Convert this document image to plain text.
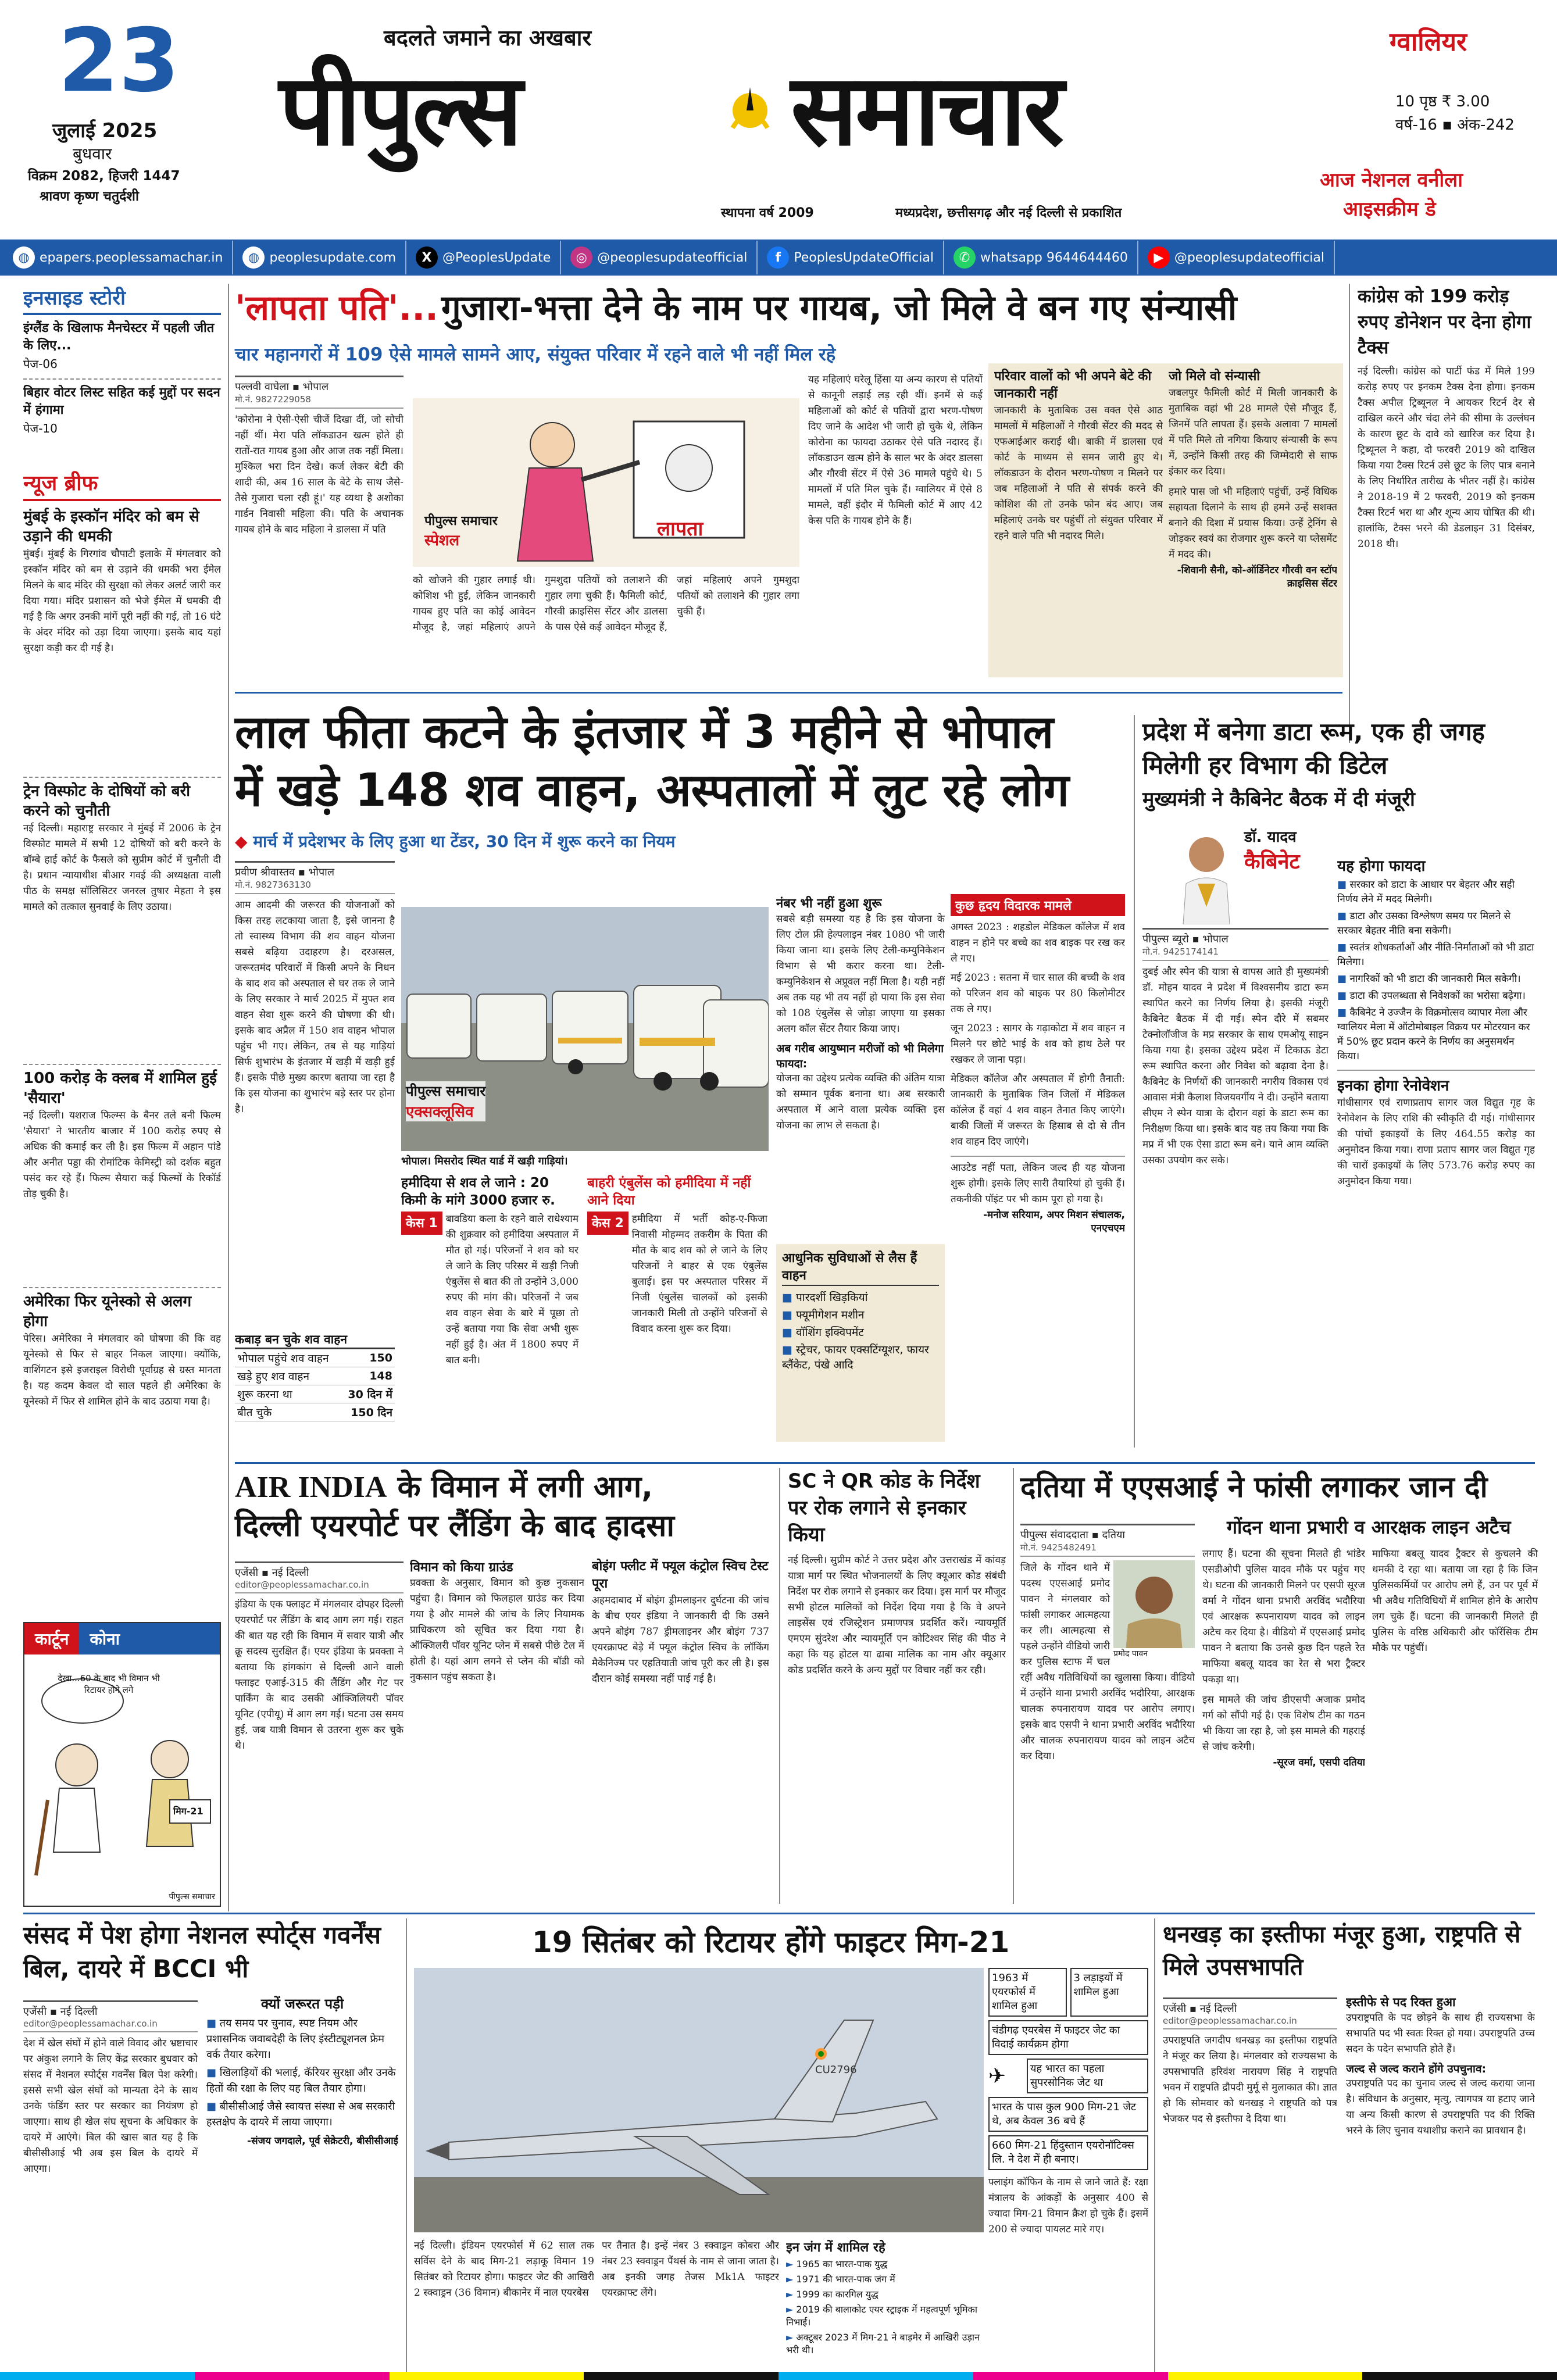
23
जुलाई 2025
बुधवार
विक्रम 2082, हिजरी 1447
श्रावण कृष्ण चतुर्दशी
बदलते जमाने का अखबार
पीपुल्स	समाचार
स्थापना वर्ष 2009	मध्यप्रदेश, छत्तीसगढ़ और नई दिल्ली से प्रकाशित
ग्वालियर
10 पृष्ठ ₹ 3.00
वर्ष-16 ▪ अंक-242
आज नेशनल वनीला
आइसक्रीम डे
◍ epapers.peoplessamachar.in	◍ peoplesupdate.com	X @PeoplesUpdate	◎ @peoplesupdateofficial	f	PeoplesUpdateOfficial	✆ whatsapp 9644644460	▶ @peoplesupdateofficial
इनसाइड स्टोरी
इंग्लैंड के खिलाफ मैनचेस्टर में पहली जीत के लिए...
पेज-06
बिहार वोटर लिस्ट सहित कई मुद्दों पर सदन में हंगामा
पेज-10
न्यूज ब्रीफ
मुंबई के इस्कॉन मंदिर को बम से उड़ाने की धमकी
मुंबई। मुंबई के गिरगांव चौपाटी इलाके में मंगलवार को इस्कॉन मंदिर को बम से उड़ाने की धमकी भरा ईमेल मिलने के बाद मंदिर की सुरक्षा को लेकर अलर्ट जारी कर दिया गया। मंदिर प्रशासन को भेजे ईमेल में धमकी दी गई है कि अगर उनकी मांगें पूरी नहीं की गई, तो 16 घंटे के अंदर मंदिर को उड़ा दिया जाएगा। इसके बाद यहां सुरक्षा कड़ी कर दी गई है।
ट्रेन विस्फोट के दोषियों को बरी करने को चुनौती
नई दिल्ली। महाराष्ट्र सरकार ने मुंबई में 2006 के ट्रेन विस्फोट मामले में सभी 12 दोषियों को बरी करने के बॉम्बे हाई कोर्ट के फैसले को सुप्रीम कोर्ट में चुनौती दी है। प्रधान न्यायाधीश बीआर गवई की अध्यक्षता वाली पीठ के समक्ष सॉलिसिटर जनरल तुषार मेहता ने इस मामले को तत्काल सुनवाई के लिए उठाया।
100 करोड़ के क्लब में शामिल हुई 'सैयारा'
नई दिल्ली। यशराज फिल्म्स के बैनर तले बनी फिल्म 'सैयारा' ने भारतीय बाजार में 100 करोड़ रुपए से अधिक की कमाई कर ली है। इस फिल्म में अहान पांडे और अनीत पड्डा की रोमांटिक केमिस्ट्री को दर्शक बहुत पसंद कर रहे हैं। फिल्म सैयारा कई फिल्मों के रिकॉर्ड तोड़ चुकी है।
अमेरिका फिर यूनेस्को से अलग होगा
पेरिस। अमेरिका ने मंगलवार को घोषणा की कि वह यूनेस्को से फिर से बाहर निकल जाएगा। क्योंकि, वाशिंगटन इसे इजराइल विरोधी पूर्वाग्रह से ग्रस्त मानता है। यह कदम केवल दो साल पहले ही अमेरिका के यूनेस्को में फिर से शामिल होने के बाद उठाया गया है।
कार्टून	कोना
देखा...60 के बाद भी विमान भी रिटायर होने लगे
मिग-21
पीपुल्स समाचार
'लापता पति'... गुजारा-भत्ता देने के नाम पर गायब, जो मिले वे बन गए संन्यासी
चार महानगरों में 109 ऐसे मामले सामने आए, संयुक्त परिवार में रहने वाले भी नहीं मिल रहे
पल्लवी वाघेला ▪ भोपाल
मो.नं. 9827229058
'कोरोना ने ऐसी-ऐसी चीजें दिखा दीं, जो सोची नहीं थीं। मेरा पति लॉकडाउन खत्म होते ही रातों-रात गायब हुआ और आज तक नहीं मिला। मुश्किल भरा दिन देखे। कर्ज लेकर बेटी की शादी की, अब 16 साल के बेटे के साथ जैसे-तैसे गुजारा चला रही हूं।' यह व्यथा है अशोका गार्डन निवासी महिला की। पति के अचानक गायब होने के बाद महिला ने डालसा में पति	लापता
पीपुल्स समाचार
स्पेशल
को खोजने की गुहार लगाई थी। कोशिश भी हुई, लेकिन जानकारी गायब हुए पति का कोई आवेदन मौजूद है, जहां महिलाएं अपने गुमशुदा पतियों को तलाशने की गुहार लगा चुकी हैं। फैमिली कोर्ट, गौरवी क्राइसिस सेंटर और डालसा के पास ऐसे कई आवेदन मौजूद हैं, जहां महिलाएं अपने गुमशुदा पतियों को तलाशने की गुहार लगा चुकी हैं।
यह महिलाएं घरेलू हिंसा या अन्य कारण से पतियों से कानूनी लड़ाई लड़ रही थीं। इनमें से कई महिलाओं को कोर्ट से पतियों द्वारा भरण-पोषण दिए जाने के आदेश भी जारी हो चुके थे, लेकिन कोरोना का फायदा उठाकर ऐसे पति नदारद हैं। लॉकडाउन खत्म होने के साल भर के अंदर डालसा और गौरवी सेंटर में ऐसे 36 मामले पहुंचे थे। 5 मामलों में पति मिल चुके हैं। ग्वालियर में ऐसे 8 मामले, वहीं इंदौर में फैमिली कोर्ट में आए 42 केस पति के गायब होने के हैं।
परिवार वालों को भी अपने बेटे की जानकारी नहीं
जानकारी के मुताबिक उस वक्त ऐसे आठ मामलों में महिलाओं ने गौरवी सेंटर की मदद से एफआईआर कराई थी। बाकी में डालसा एवं कोर्ट के माध्यम से समन जारी हुए थे। लॉकडाउन के दौरान भरण-पोषण न मिलने पर जब महिलाओं ने पति से संपर्क करने की कोशिश की तो उनके फोन बंद आए। जब महिलाएं उनके घर पहुंचीं तो संयुक्त परिवार में रहने वाले पति भी नदारद मिले।
जो मिले वो संन्यासी
जबलपुर फैमिली कोर्ट में मिली जानकारी के मुताबिक वहां भी 28 मामले ऐसे मौजूद हैं, जिनमें पति लापता हैं। इसके अलावा 7 मामलों में पति मिले तो नगिया कियाए संन्यासी के रूप में, उन्होंने किसी तरह की जिम्मेदारी से साफ इंकार कर दिया।
हमारे पास जो भी महिलाएं पहुंचीं, उन्हें विधिक सहायता दिलाने के साथ ही हमने उन्हें सशक्त बनाने की दिशा में प्रयास किया। उन्हें ट्रेनिंग से जोड़कर स्वयं का रोजगार शुरू करने या प्लेसमेंट में मदद की।
-शिवानी सैनी, को-ऑर्डिनेटर गौरवी वन स्टॉप क्राइसिस सेंटर
कांग्रेस को 199 करोड़ रुपए डोनेशन पर देना होगा टैक्स
नई दिल्ली। कांग्रेस को पार्टी फंड में मिले 199 करोड़ रुपए पर इनकम टैक्स देना होगा। इनकम टैक्स अपील ट्रिब्यूनल ने आयकर रिटर्न देर से दाखिल करने और चंदा लेने की सीमा के उल्लंघन के कारण छूट के दावे को खारिज कर दिया है। ट्रिब्यूनल ने कहा, दो फरवरी 2019 को दाखिल किया गया टैक्स रिटर्न उसे छूट के लिए पात्र बनाने के लिए निर्धारित तारीख के भीतर नहीं है। कांग्रेस ने 2018-19 में 2 फरवरी, 2019 को इनकम टैक्स रिटर्न भरा था और शून्य आय घोषित की थी। हालांकि, टैक्स भरने की डेडलाइन 31 दिसंबर, 2018 थी।
लाल फीता कटने के इंतजार में 3 महीने से भोपाल
में खड़े 148 शव वाहन, अस्पतालों में लुट रहे लोग
◆ मार्च में प्रदेशभर के लिए हुआ था टेंडर, 30 दिन में शुरू करने का नियम
प्रवीण श्रीवास्तव ▪ भोपाल
मो.नं. 9827363130
आम आदमी की जरूरत की योजनाओं को किस तरह लटकाया जाता है, इसे जानना है तो स्वास्थ्य विभाग की शव वाहन योजना सबसे बढ़िया उदाहरण है। दरअसल, जरूरतमंद परिवारों में किसी अपने के निधन के बाद शव को अस्पताल से घर तक ले जाने के लिए सरकार ने मार्च 2025 में मुफ्त शव वाहन सेवा शुरू करने की घोषणा की थी। इसके बाद अप्रैल में 150 शव वाहन भोपाल पहुंच भी गए। लेकिन, तब से यह गाड़ियां सिर्फ शुभारंभ के इंतजार में खड़ी में खड़ी हुई हैं। इसके पीछे मुख्य कारण बताया जा रहा है कि इस योजना का शुभारंभ बड़े स्तर पर होना है।
पीपुल्स समाचार
एक्सक्लूसिव
भोपाल। मिसरोद स्थित यार्ड में खड़ी गाड़ियां।
कबाड़ बन चुके शव वाहन
भोपाल पहुंचे शव वाहन	150
खड़े हुए शव वाहन	148
शुरू करना था	30 दिन में
बीत चुके	150 दिन
हमीदिया से शव ले जाने : 20 किमी के मांगे 3000 हजार रु.
केस 1 बावडिया कला के रहने वाले राधेश्याम की शुक्रवार को हमीदिया अस्पताल में मौत हो गई। परिजनों ने शव को घर ले जाने के लिए परिसर में खड़ी निजी एंबुलेंस से बात की तो उन्होंने 3,000 रुपए की मांग की। परिजनों ने जब शव वाहन सेवा के बारे में पूछा तो उन्हें बताया गया कि सेवा अभी शुरू नहीं हुई है। अंत में 1800 रुपए में बात बनी।
बाहरी एंबुलेंस को हमीदिया में नहीं आने दिया
केस 2 हमीदिया में भर्ती कोह-ए-फिजा निवासी मोहम्मद तकरीम के पिता की मौत के बाद शव को ले जाने के लिए परिजनों ने बाहर से एक एंबुलेंस बुलाई। इस पर अस्पताल परिसर में निजी एंबुलेंस चालकों को इसकी जानकारी मिली तो उन्होंने परिजनों से विवाद करना शुरू कर दिया।
नंबर भी नहीं हुआ शुरू
सबसे बड़ी समस्या यह है कि इस योजना के लिए टोल फ्री हेल्पलाइन नंबर 1080 भी जारी किया जाना था। इसके लिए टेली-कम्युनिकेशन विभाग से भी करार करना था। टेली-कम्युनिकेशन से अप्रूवल नहीं मिला है। यही नहीं अब तक यह भी तय नहीं हो पाया कि इस सेवा को 108 एंबुलेंस से जोड़ा जाएगा या इसका अलग कॉल सेंटर तैयार किया जाए।
अब गरीब आयुष्मान मरीजों को भी मिलेगा फायदा:
योजना का उद्देश्य प्रत्येक व्यक्ति की अंतिम यात्रा को सम्मान पूर्वक बनाना था। अब सरकारी अस्पताल में आने वाला प्रत्येक व्यक्ति इस योजना का लाभ ले सकता है।
आधुनिक सुविधाओं से लैस हैं वाहन
■ पारदर्शी खिड़कियां
■ फ्यूमीगेशन मशीन
■ वॉशिंग इक्विपमेंट
■ स्ट्रेचर, फायर एक्सटिंग्यूशर, फायर ब्लैंकेट, पंखे आदि
कुछ हृदय विदारक मामले
अगस्त 2023 : शहडोल मेडिकल कॉलेज में शव वाहन न होने पर बच्चे का शव बाइक पर रख कर ले गए।
मई 2023 : सतना में चार साल की बच्ची के शव को परिजन शव को बाइक पर 80 किलोमीटर तक ले गए।
जून 2023 : सागर के गढ़ाकोटा में शव वाहन न मिलने पर छोटे भाई के शव को हाथ ठेले पर रखकर ले जाना पड़ा।
मेडिकल कॉलेज और अस्पताल में होगी तैनाती: जानकारी के मुताबिक जिन जिलों में मेडिकल कॉलेज हैं वहां 4 शव वाहन तैनात किए जाएंगे। बाकी जिलों में जरूरत के हिसाब से दो से तीन शव वाहन दिए जाएंगे।
आउटेड नहीं पता, लेकिन जल्द ही यह योजना शुरू होगी। इसके लिए सारी तैयारियां हो चुकी हैं। तकनीकी पॉइंट पर भी काम पूरा हो गया है।
-मनोज सरियाम, अपर मिशन संचालक, एनएचएम
प्रदेश में बनेगा डाटा रूम, एक ही जगह मिलेगी हर विभाग की डिटेल
मुख्यमंत्री ने कैबिनेट बैठक में दी मंजूरी
डॉ. यादव
कैबिनेट
पीपुल्स ब्यूरो ▪ भोपाल
मो.नं. 9425174141
दुबई और स्पेन की यात्रा से वापस आते ही मुख्यमंत्री डॉ. मोहन यादव ने प्रदेश में विश्वसनीय डाटा रूम स्थापित करने का निर्णय लिया है। इसकी मंजूरी कैबिनेट बैठक में दी गई। स्पेन दौरे में सबमर टेक्नोलॉजीज के मप्र सरकार के साथ एमओयू साइन किया गया है। इसका उद्देश्य प्रदेश में टिकाऊ डेटा रूम स्थापित करना और निवेश को बढ़ावा देना है। कैबिनेट के निर्णयों की जानकारी नगरीय विकास एवं आवास मंत्री कैलाश विजयवर्गीय ने दी। उन्होंने बताया सीएम ने स्पेन यात्रा के दौरान वहां के डाटा रूम का निरीक्षण किया था। इसके बाद यह तय किया गया कि मप्र में भी एक ऐसा डाटा रूम बने। याने आम व्यक्ति उसका उपयोग कर सके।
यह होगा फायदा
■ सरकार को डाटा के आधार पर बेहतर और सही निर्णय लेने में मदद मिलेगी।
■ डाटा और उसका विश्लेषण समय पर मिलने से सरकार बेहतर नीति बना सकेगी।
■ स्वतंत्र शोधकर्ताओं और नीति-निर्माताओं को भी डाटा मिलेगा।
■ नागरिकों को भी डाटा की जानकारी मिल सकेगी।
■ डाटा की उपलब्धता से निवेशकों का भरोसा बढ़ेगा।
■ कैबिनेट ने उज्जैन के विक्रमोत्सव व्यापार मेला और ग्वालियर मेला में ऑटोमोबाइल विक्रय पर मोटरयान कर में 50% छूट प्रदान करने के निर्णय का अनुसमर्थन किया।
इनका होगा रेनोवेशन
गांधीसागर एवं राणाप्रताप सागर जल विद्युत गृह के रेनोवेशन के लिए राशि की स्वीकृति दी गई। गांधीसागर की पांचों इकाइयों के लिए 464.55 करोड़ का अनुमोदन किया गया। राणा प्रताप सागर जल विद्युत गृह की चारों इकाइयों के लिए 573.76 करोड़ रुपए का अनुमोदन किया गया।
AIR INDIA के विमान में लगी आग,
दिल्ली एयरपोर्ट पर लैंडिंग के बाद हादसा
एजेंसी ▪ नई दिल्ली
editor@peoplessamachar.co.in
इंडिया के एक फ्लाइट में मंगलवार दोपहर दिल्ली एयरपोर्ट पर लैंडिंग के बाद आग लग गई। राहत की बात यह रही कि विमान में सवार यात्री और क्रू सदस्य सुरक्षित हैं। एयर इंडिया के प्रवक्ता ने बताया कि हांगकांग से दिल्ली आने वाली फ्लाइट एआई-315 की लैंडिंग और गेट पर पार्किंग के बाद उसकी ऑक्जिलियरी पॉवर यूनिट (एपीयू) में आग लग गई। घटना उस समय हुई, जब यात्री विमान से उतरना शुरू कर चुके थे।
विमान को किया ग्राउंड
प्रवक्ता के अनुसार, विमान को कुछ नुकसान पहुंचा है। विमान को फिलहाल ग्राउंड कर दिया गया है और मामले की जांच के लिए नियामक प्राधिकरण को सूचित कर दिया गया है। ऑक्जिलरी पॉवर यूनिट प्लेन में सबसे पीछे टेल में होती है। यहां आग लगने से प्लेन की बॉडी को नुकसान पहुंच सकता है।
बोइंग फ्लीट में फ्यूल कंट्रोल स्विच टेस्ट पूरा
अहमदाबाद में बोइंग ड्रीमलाइनर दुर्घटना की जांच के बीच एयर इंडिया ने जानकारी दी कि उसने अपने बोइंग 787 ड्रीमलाइनर और बोइंग 737 एयरक्राफ्ट बेड़े में फ्यूल कंट्रोल स्विच के लॉकिंग मैकेनिज्म पर एहतियाती जांच पूरी कर ली है। इस दौरान कोई समस्या नहीं पाई गई है।
SC ने QR कोड के निर्देश पर रोक लगाने से इनकार किया
नई दिल्ली। सुप्रीम कोर्ट ने उत्तर प्रदेश और उत्तराखंड में कांवड़ यात्रा मार्ग पर स्थित भोजनालयों के लिए क्यूआर कोड संबंधी निर्देश पर रोक लगाने से इनकार कर दिया। इस मार्ग पर मौजूद सभी होटल मालिकों को निर्देश दिया गया है कि वे अपने लाइसेंस एवं रजिस्ट्रेशन प्रमाणपत्र प्रदर्शित करें। न्यायमूर्ति एमएम सुंदरेश और न्यायमूर्ति एन कोटिश्वर सिंह की पीठ ने कहा कि यह होटल या ढाबा मालिक का नाम और क्यूआर कोड प्रदर्शित करने के अन्य मुद्दों पर विचार नहीं कर रही।
दतिया में एएसआई ने फांसी लगाकर जान दी
गोंदन थाना प्रभारी व आरक्षक लाइन अटैच
पीपुल्स संवाददाता ▪ दतिया
मो.नं. 9425482491
प्रमोद पावन
जिले के गोंदन थाने में पदस्थ एएसआई प्रमोद पावन ने मंगलवार को फांसी लगाकर आत्महत्या कर ली। आत्महत्या से पहले उन्होंने वीडियो जारी कर पुलिस स्टाफ में चल रहीं अवैध गतिविधियों का खुलासा किया। वीडियो में उन्होंने थाना प्रभारी अरविंद भदौरिया, आरक्षक चालक रुपनारायण यादव पर आरोप लगाए। इसके बाद एसपी ने थाना प्रभारी अरविंद भदौरिया और चालक रुपनारायण यादव को लाइन अटैच कर दिया।
लगाए हैं। घटना की सूचना मिलते ही भांडेर एसडीओपी पुलिस यादव मौके पर पहुंच गए थे। घटना की जानकारी मिलने पर एसपी सूरज वर्मा ने गोंदन थाना प्रभारी अरविंद भदौरिया एवं आरक्षक रूपनारायण यादव को लाइन अटैच कर दिया है। वीडियो में एएसआई प्रमोद पावन ने बताया कि उनसे कुछ दिन पहले रेत माफिया बबलू यादव का रेत से भरा ट्रैक्टर पकड़ा था।
इस मामले की जांच डीएसपी अजाक प्रमोद गर्ग को सौंपी गई है। एक विशेष टीम का गठन भी किया जा रहा है, जो इस मामले की गहराई से जांच करेगी।
-सूरज वर्मा, एसपी दतिया
माफिया बबलू यादव ट्रैक्टर से कुचलने की धमकी दे रहा था। बताया जा रहा है कि जिन पुलिसकर्मियों पर आरोप लगे हैं, उन पर पूर्व में भी अवैध गतिविधियों में शामिल होने के आरोप लग चुके हैं। घटना की जानकारी मिलते ही पुलिस के वरिष्ठ अधिकारी और फॉरेंसिक टीम मौके पर पहुंचीं।
संसद में पेश होगा नेशनल स्पोर्ट्स गवर्नेंस बिल, दायरे में BCCI भी
एजेंसी ▪ नई दिल्ली
editor@peoplessamachar.co.in
देश में खेल संघों में होने वाले विवाद और भ्रष्टाचार पर अंकुश लगाने के लिए केंद्र सरकार बुधवार को संसद में नेशनल स्पोर्ट्स गवर्नेंस बिल पेश करेगी। इससे सभी खेल संघों को मान्यता देने के साथ उनके फंडिंग स्तर पर सरकार का नियंत्रण हो जाएगा। साथ ही खेल संघ सूचना के अधिकार के दायरे में आएंगे। बिल की खास बात यह है कि बीसीसीआई भी अब इस बिल के दायरे में आएगा।
क्यों जरूरत पड़ी
■ तय समय पर चुनाव, स्पष्ट नियम और प्रशासनिक जवाबदेही के लिए इंस्टीट्यूशनल फ्रेम वर्क तैयार करेगा।
■ खिलाड़ियों की भलाई, कॅरियर सुरक्षा और उनके हितों की रक्षा के लिए यह बिल तैयार होगा।
■ बीसीसीआई जैसे स्वायत्त संस्था से अब सरकारी हस्तक्षेप के दायरे में लाया जाएगा।
-संजय जगदाले, पूर्व सेक्रेटरी, बीसीसीआई
19 सितंबर को रिटायर होंगे फाइटर मिग-21
CU2796
1963 में एयरफोर्स में शामिल हुआ
3 लड़ाइयों में शामिल हुआ
चंडीगढ़ एयरबेस में फाइटर जेट का विदाई कार्यक्रम होगा
✈	यह भारत का पहला सुपरसोनिक जेट था
भारत के पास कुल 900 मिग-21 जेट थे, अब केवल 36 बचे हैं
660 मिग-21 हिंदुस्तान एयरोनॉटिक्स लि. ने देश में ही बनाए।
फ्लाइंग कॉफिन के नाम से जाने जाते हैं: रक्षा मंत्रालय के आंकड़ों के अनुसार 400 से ज्यादा मिग-21 विमान क्रैश हो चुके हैं। इसमें 200 से ज्यादा पायलट मारे गए।
नई दिल्ली। इंडियन एयरफोर्स में 62 साल तक सर्विस देने के बाद मिग-21 लड़ाकू विमान 19 सितंबर को रिटायर होगा। फाइटर जेट की आखिरी 2 स्क्वाड्रन (36 विमान) बीकानेर में नाल एयरबेस
पर तैनात है। इन्हें नंबर 3 स्क्वाड्रन कोबरा और नंबर 23 स्क्वाड्रन पैंथर्स के नाम से जाना जाता है। अब इनकी जगह तेजस Mk1A फाइटर एयरक्राफ्ट लेंगे।
इन जंग में शामिल रहे
► 1965 का भारत-पाक युद्ध
► 1971 की भारत-पाक जंग में
► 1999 का कारगिल युद्ध
► 2019 की बालाकोट एयर स्ट्राइक में महत्वपूर्ण भूमिका निभाई।
► अक्टूबर 2023 में मिग-21 ने बाड़मेर में आखिरी उड़ान भरी थी।
धनखड़ का इस्तीफा मंजूर हुआ, राष्ट्रपति से मिले उपसभापति
एजेंसी ▪ नई दिल्ली
editor@peoplessamachar.co.in
उपराष्ट्रपति जगदीप धनखड़ का इस्तीफा राष्ट्रपति ने मंजूर कर लिया है। मंगलवार को राज्यसभा के उपसभापति हरिवंश नारायण सिंह ने राष्ट्रपति भवन में राष्ट्रपति द्रौपदी मुर्मू से मुलाकात की। ज्ञात हो कि सोमवार को धनखड़ ने राष्ट्रपति को पत्र भेजकर पद से इस्तीफा दे दिया था।
इस्तीफे से पद रिक्त हुआ
उपराष्ट्रपति के पद छोड़ने के साथ ही राज्यसभा के सभापति पद भी स्वतः रिक्त हो गया। उपराष्ट्रपति उच्च सदन के पदेन सभापति होते हैं।
जल्द से जल्द कराने होंगे उपचुनाव:
उपराष्ट्रपति पद का चुनाव जल्द से जल्द कराया जाना है। संविधान के अनुसार, मृत्यु, त्यागपत्र या हटाए जाने या अन्य किसी कारण से उपराष्ट्रपति पद की रिक्ति भरने के लिए चुनाव यथाशीघ्र कराने का प्रावधान है।
